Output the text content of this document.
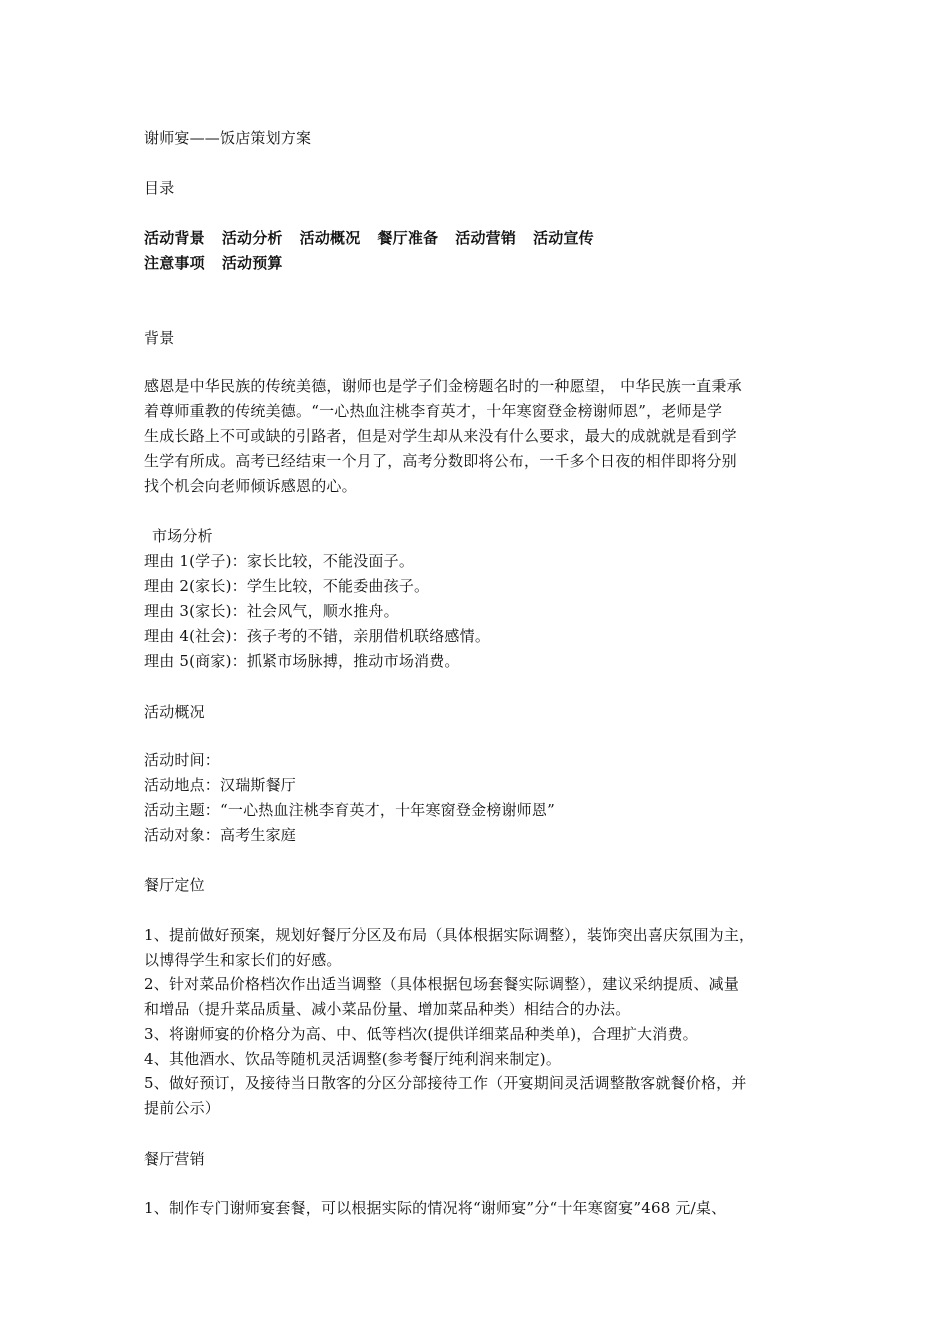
谢师宴——饭店策划方案
目录
活动背景 活动分析 活动概况 餐厅准备 活动营销 活动宣传
注意事项 活动预算
背景
感恩是中华民族的传统美德，谢师也是学子们金榜题名时的一种愿望， 中华民族一直秉承
着尊师重教的传统美德。“一心热血注桃李育英才，十年寒窗登金榜谢师恩”，老师是学
生成长路上不可或缺的引路者，但是对学生却从来没有什么要求，最大的成就就是看到学
生学有所成。高考已经结束一个月了，高考分数即将公布，一千多个日夜的相伴即将分别
找个机会向老师倾诉感恩的心。
市场分析
理由 1(学子)：家长比较，不能没面子。
理由 2(家长)：学生比较，不能委曲孩子。
理由 3(家长)：社会风气，顺水推舟。
理由 4(社会)：孩子考的不错，亲朋借机联络感情。
理由 5(商家)：抓紧市场脉搏，推动市场消费。
活动概况
活动时间：
活动地点：汉瑞斯餐厅
活动主题：“一心热血注桃李育英才，十年寒窗登金榜谢师恩”
活动对象：高考生家庭
餐厅定位
1、提前做好预案，规划好餐厅分区及布局（具体根据实际调整），装饰突出喜庆氛围为主，
以博得学生和家长们的好感。
2、针对菜品价格档次作出适当调整（具体根据包场套餐实际调整），建议采纳提质、减量
和增品（提升菜品质量、减小菜品份量、增加菜品种类）相结合的办法。
3、将谢师宴的价格分为高、中、低等档次(提供详细菜品种类单)，合理扩大消费。
4、其他酒水、饮品等随机灵活调整(参考餐厅纯利润来制定)。
5、做好预订，及接待当日散客的分区分部接待工作（开宴期间灵活调整散客就餐价格，并
提前公示）
餐厅营销
1、制作专门谢师宴套餐，可以根据实际的情况将“谢师宴”分“十年寒窗宴”468 元/桌、
